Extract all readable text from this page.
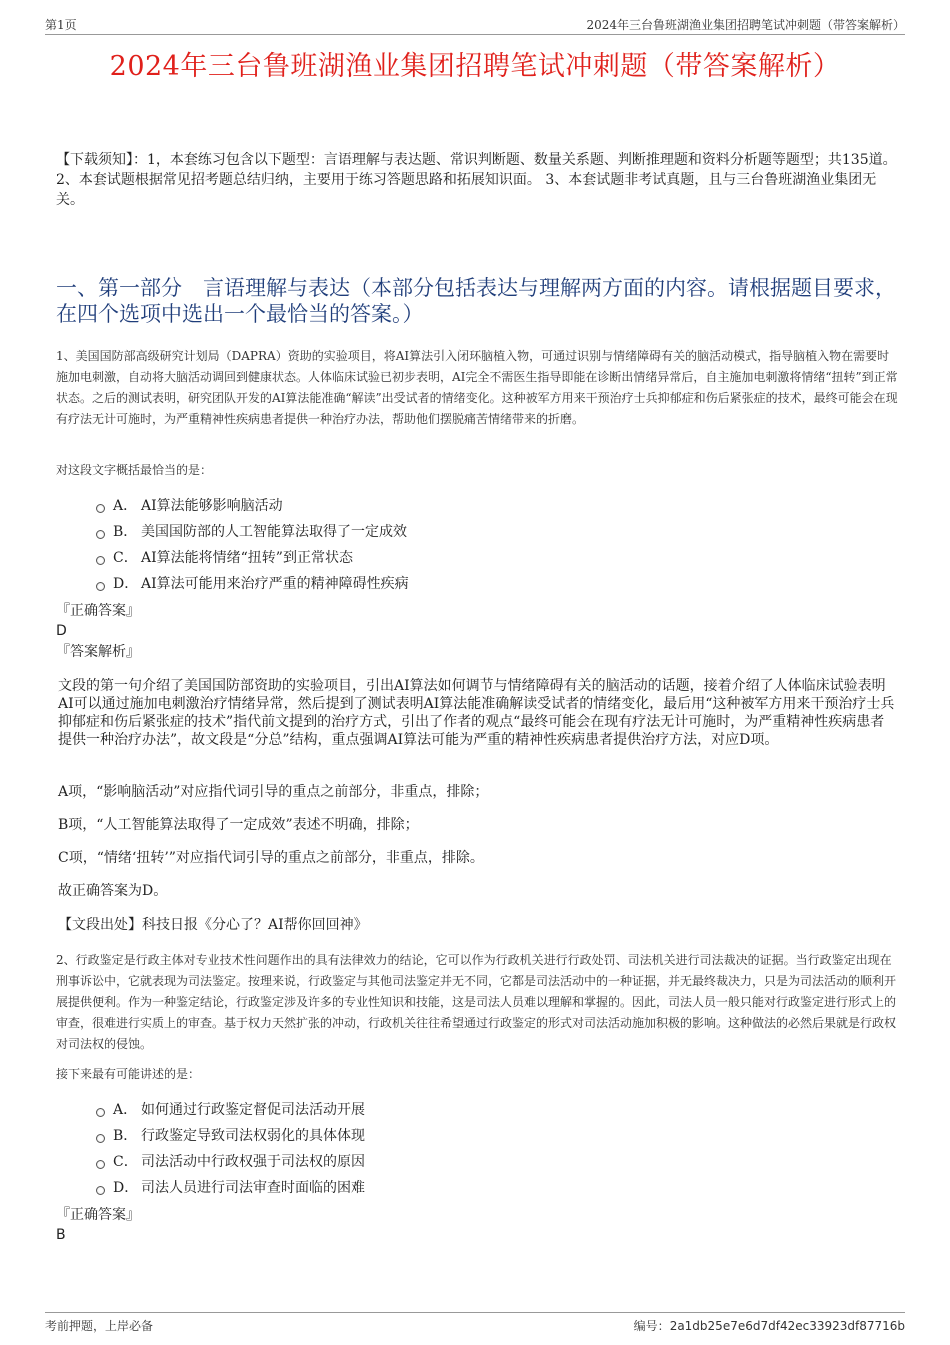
第1页	2024年三台鲁班湖渔业集团招聘笔试冲刺题（带答案解析）
2024年三台鲁班湖渔业集团招聘笔试冲刺题（带答案解析）
【下载须知】：1，本套练习包含以下题型：言语理解与表达题、常识判断题、数量关系题、判断推理题和资料分析题等题型；共135道。 2、本套试题根据常见招考题总结归纳，主要用于练习答题思路和拓展知识面。 3、本套试题非考试真题，且与三台鲁班湖渔业集团无关。
一、第一部分　言语理解与表达（本部分包括表达与理解两方面的内容。请根据题目要求，在四个选项中选出一个最恰当的答案。）
1、美国国防部高级研究计划局（DAPRA）资助的实验项目，将AI算法引入闭环脑植入物，可通过识别与情绪障碍有关的脑活动模式，指导脑植入物在需要时施加电刺激，自动将大脑活动调回到健康状态。人体临床试验已初步表明，AI完全不需医生指导即能在诊断出情绪异常后，自主施加电刺激将情绪“扭转”到正常状态。之后的测试表明，研究团队开发的AI算法能准确“解读”出受试者的情绪变化。这种被军方用来干预治疗士兵抑郁症和伤后紧张症的技术，最终可能会在现有疗法无计可施时，为严重精神性疾病患者提供一种治疗办法，帮助他们摆脱痛苦情绪带来的折磨。
对这段文字概括最恰当的是：
A． AI算法能够影响脑活动
B． 美国国防部的人工智能算法取得了一定成效
C． AI算法能将情绪“扭转”到正常状态
D． AI算法可能用来治疗严重的精神障碍性疾病
『正确答案』
D
『答案解析』
文段的第一句介绍了美国国防部资助的实验项目，引出AI算法如何调节与情绪障碍有关的脑活动的话题，接着介绍了人体临床试验表明AI可以通过施加电刺激治疗情绪异常，然后提到了测试表明AI算法能准确解读受试者的情绪变化，最后用“这种被军方用来干预治疗士兵抑郁症和伤后紧张症的技术”指代前文提到的治疗方式，引出了作者的观点“最终可能会在现有疗法无计可施时，为严重精神性疾病患者提供一种治疗办法”，故文段是“分总”结构，重点强调AI算法可能为严重的精神性疾病患者提供治疗方法，对应D项。
A项，“影响脑活动”对应指代词引导的重点之前部分，非重点，排除；
B项，“人工智能算法取得了一定成效”表述不明确，排除；
C项，“情绪‘扭转’”对应指代词引导的重点之前部分，非重点，排除。
故正确答案为D。
【文段出处】科技日报《分心了？AI帮你回回神》
2、行政鉴定是行政主体对专业技术性问题作出的具有法律效力的结论，它可以作为行政机关进行行政处罚、司法机关进行司法裁决的证据。当行政鉴定出现在刑事诉讼中，它就表现为司法鉴定。按理来说，行政鉴定与其他司法鉴定并无不同，它都是司法活动中的一种证据，并无最终裁决力，只是为司法活动的顺利开展提供便利。作为一种鉴定结论，行政鉴定涉及许多的专业性知识和技能，这是司法人员难以理解和掌握的。因此，司法人员一般只能对行政鉴定进行形式上的审查，很难进行实质上的审查。基于权力天然扩张的冲动，行政机关往往希望通过行政鉴定的形式对司法活动施加积极的影响。这种做法的必然后果就是行政权对司法权的侵蚀。
接下来最有可能讲述的是：
A． 如何通过行政鉴定督促司法活动开展
B． 行政鉴定导致司法权弱化的具体体现
C． 司法活动中行政权强于司法权的原因
D． 司法人员进行司法审查时面临的困难
『正确答案』
B
考前押题，上岸必备	编号：2a1db25e7e6d7df42ec33923df87716b
